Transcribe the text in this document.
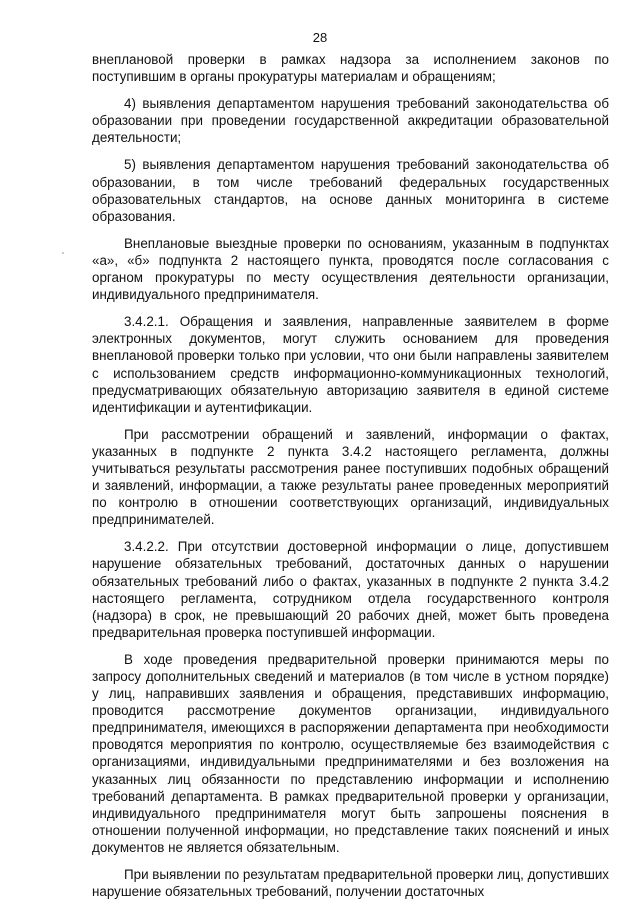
28

внеплановой проверки в рамках надзора за исполнением законов по поступившим в органы прокуратуры материалам и обращениям;

4) выявления департаментом нарушения требований законодательства об образовании при проведении государственной аккредитации образовательной деятельности;

5) выявления департаментом нарушения требований законодательства об образовании, в том числе требований федеральных государственных образовательных стандартов, на основе данных мониторинга в системе образования.

Внеплановые выездные проверки по основаниям, указанным в подпунктах «а», «б» подпункта 2 настоящего пункта, проводятся после согласования с органом прокуратуры по месту осуществления деятельности организации, индивидуального предпринимателя.

3.4.2.1. Обращения и заявления, направленные заявителем в форме электронных документов, могут служить основанием для проведения внеплановой проверки только при условии, что они были направлены заявителем с использованием средств информационно-коммуникационных технологий, предусматривающих обязательную авторизацию заявителя в единой системе идентификации и аутентификации.

При рассмотрении обращений и заявлений, информации о фактах, указанных в подпункте 2 пункта 3.4.2 настоящего регламента, должны учитываться результаты рассмотрения ранее поступивших подобных обращений и заявлений, информации, а также результаты ранее проведенных мероприятий по контролю в отношении соответствующих организаций, индивидуальных предпринимателей.

3.4.2.2. При отсутствии достоверной информации о лице, допустившем нарушение обязательных требований, достаточных данных о нарушении обязательных требований либо о фактах, указанных в подпункте 2 пункта 3.4.2 настоящего регламента, сотрудником отдела государственного контроля (надзора) в срок, не превышающий 20 рабочих дней, может быть проведена предварительная проверка поступившей информации.

В ходе проведения предварительной проверки принимаются меры по запросу дополнительных сведений и материалов (в том числе в устном порядке) у лиц, направивших заявления и обращения, представивших информацию, проводится рассмотрение документов организации, индивидуального предпринимателя, имеющихся в распоряжении департамента при необходимости проводятся мероприятия по контролю, осуществляемые без взаимодействия с организациями, индивидуальными предпринимателями и без возложения на указанных лиц обязанности по представлению информации и исполнению требований департамента. В рамках предварительной проверки у организации, индивидуального предпринимателя могут быть запрошены пояснения в отношении полученной информации, но представление таких пояснений и иных документов не является обязательным.

При выявлении по результатам предварительной проверки лиц, допустивших нарушение обязательных требований, получении достаточных
